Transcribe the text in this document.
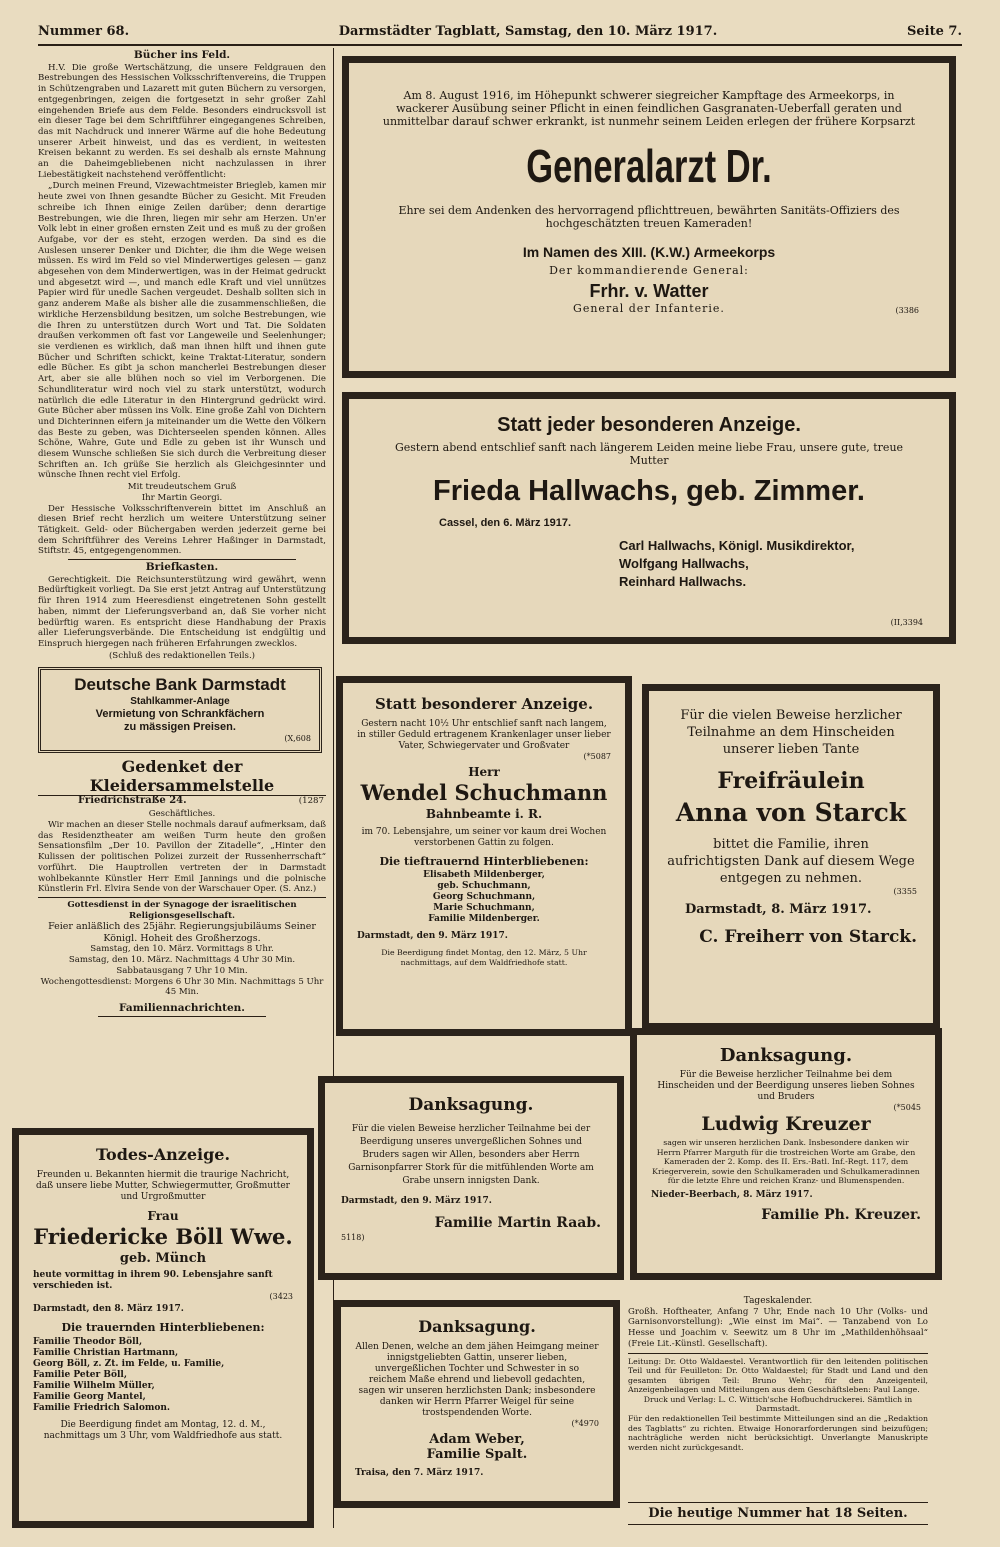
Nummer 68.	Darmstädter Tagblatt, Samstag, den 10. März 1917.	Seite 7.
Bücher ins Feld.

H.V. Die große Wertschätzung, die unsere Feldgrauen den Bestrebungen des Hessischen Volksschriftenvereins, die Truppen in Schützengraben und Lazarett mit guten Büchern zu versorgen, entgegenbringen, zeigen die fortgesetzt in sehr großer Zahl eingehenden Briefe aus dem Felde. Besonders eindrucksvoll ist ein dieser Tage bei dem Schriftführer eingegangenes Schreiben, das mit Nachdruck und innerer Wärme auf die hohe Bedeutung unserer Arbeit hinweist, und das es verdient, in weitesten Kreisen bekannt zu werden. Es sei deshalb als ernste Mahnung an die Daheimgebliebenen nicht nachzulassen in ihrer Liebestätigkeit nachstehend veröffentlicht:

„Durch meinen Freund, Vizewachtmeister Briegleb, kamen mir heute zwei von Ihnen gesandte Bücher zu Gesicht. Mit Freuden schreibe ich Ihnen einige Zeilen darüber; denn derartige Bestrebungen, wie die Ihren, liegen mir sehr am Herzen. Un'er Volk lebt in einer großen ernsten Zeit und es muß zu der großen Aufgabe, vor der es steht, erzogen werden. Da sind es die Auslesen unserer Denker und Dichter, die ihm die Wege weisen müssen. Es wird im Feld so viel Minderwertiges gelesen — ganz abgesehen von dem Minderwertigen, was in der Heimat gedruckt und abgesetzt wird —, und manch edle Kraft und viel unnützes Papier wird für unedle Sachen vergeudet. Deshalb sollten sich in ganz anderem Maße als bisher alle die zusammenschließen, die wirkliche Herzensbildung besitzen, um solche Bestrebungen, wie die Ihren zu unterstützen durch Wort und Tat. Die Soldaten draußen verkommen oft fast vor Langeweile und Seelenhunger; sie verdienen es wirklich, daß man ihnen hilft und ihnen gute Bücher und Schriften schickt, keine Traktat-Literatur, sondern edle Bücher. Es gibt ja schon mancherlei Bestrebungen dieser Art, aber sie alle blühen noch so viel im Verborgenen. Die Schundliteratur wird noch viel zu stark unterstützt, wodurch natürlich die edle Literatur in den Hintergrund gedrückt wird. Gute Bücher aber müssen ins Volk. Eine große Zahl von Dichtern und Dichterinnen eifern ja miteinander um die Wette den Völkern das Beste zu geben, was Dichterseelen spenden können. Alles Schöne, Wahre, Gute und Edle zu geben ist ihr Wunsch und diesem Wunsche schließen Sie sich durch die Verbreitung dieser Schriften an. Ich grüße Sie herzlich als Gleichgesinnter und wünsche Ihnen recht viel Erfolg.

Mit treudeutschem Gruß
Ihr Martin Georgi.

Der Hessische Volksschriftenverein bittet im Anschluß an diesen Brief recht herzlich um weitere Unterstützung seiner Tätigkeit. Geld- oder Büchergaben werden jederzeit gerne bei dem Schriftführer des Vereins Lehrer Haßinger in Darmstadt, Stiftstr. 45, entgegengenommen.

Briefkasten.

Gerechtigkeit. Die Reichsunterstützung wird gewährt, wenn Bedürftigkeit vorliegt. Da Sie erst jetzt Antrag auf Unterstützung für Ihren 1914 zum Heeresdienst eingetretenen Sohn gestellt haben, nimmt der Lieferungsverband an, daß Sie vorher nicht bedürftig waren. Es entspricht diese Handhabung der Praxis aller Lieferungsverbände. Die Entscheidung ist endgültig und Einspruch hiergegen nach früheren Erfahrungen zwecklos.

(Schluß des redaktionellen Teils.)
Deutsche Bank Darmstadt
Stahlkammer-Anlage
Vermietung von Schrankfächern
zu mässigen Preisen.
(X,608
Gedenket der Kleidersammelstelle
Friedrichstraße 24.	(1287
Geschäftliches.

Wir machen an dieser Stelle nochmals darauf aufmerksam, daß das Residenztheater am weißen Turm heute den großen Sensationsfilm „Der 10. Pavillon der Zitadelle“, „Hinter den Kulissen der politischen Polizei zurzeit der Russenherrschaft“ vorführt. Die Hauptrollen vertreten der in Darmstadt wohlbekannte Künstler Herr Emil Jannings und die polnische Künstlerin Frl. Elvira Sende von der Warschauer Oper. (S. Anz.)

Gottesdienst in der Synagoge der israelitischen Religionsgesellschaft.
Feier anläßlich des 25jähr. Regierungsjubiläums Seiner Königl. Hoheit des Großherzogs.
Samstag, den 10. März. Vormittags 8 Uhr.
Samstag, den 10. März. Nachmittags 4 Uhr 30 Min. Sabbatausgang 7 Uhr 10 Min.
Wochengottesdienst: Morgens 6 Uhr 30 Min. Nachmittags 5 Uhr 45 Min.
Familiennachrichten.
Todes-Anzeige.
Freunden u. Bekannten hiermit die traurige Nachricht, daß unsere liebe Mutter, Schwiegermutter, Großmutter und Urgroßmutter
Frau
Friedericke Böll Wwe.
geb. Münch
heute vormittag in ihrem 90. Lebensjahre sanft verschieden ist.
(3423
Darmstadt, den 8. März 1917.
Die trauernden Hinterbliebenen:
Familie Theodor Böll,
Familie Christian Hartmann,
Georg Böll, z. Zt. im Felde, u. Familie,
Familie Peter Böll,
Familie Wilhelm Müller,
Familie Georg Mantel,
Familie Friedrich Salomon.
Die Beerdigung findet am Montag, 12. d. M., nachmittags um 3 Uhr, vom Waldfriedhofe aus statt.
Am 8. August 1916, im Höhepunkt schwerer siegreicher Kampftage des Armeekorps, in wackerer Ausübung seiner Pflicht in einen feindlichen Gasgranaten-Ueberfall geraten und unmittelbar darauf schwer erkrankt, ist nunmehr seinem Leiden erlegen der frühere Korpsarzt
Generalarzt Dr.
Ehre sei dem Andenken des hervorragend pflichttreuen, bewährten Sanitäts-Offiziers des hochgeschätzten treuen Kameraden!
Im Namen des XIII. (K.W.) Armeekorps
Der kommandierende General:
Frhr. v. Watter
General der Infanterie.	(3386
Statt jeder besonderen Anzeige.
Gestern abend entschlief sanft nach längerem Leiden meine liebe Frau, unsere gute, treue Mutter
Frieda Hallwachs, geb. Zimmer.
Cassel, den 6. März 1917.
Carl Hallwachs, Königl. Musikdirektor,
Wolfgang Hallwachs,
Reinhard Hallwachs.
(II,3394
Statt besonderer Anzeige.
Gestern nacht 10½ Uhr entschlief sanft nach langem, in stiller Geduld ertragenem Krankenlager unser lieber Vater, Schwiegervater und Großvater
(*5087
Herr
Wendel Schuchmann
Bahnbeamte i. R.
im 70. Lebensjahre, um seiner vor kaum drei Wochen verstorbenen Gattin zu folgen.
Die tieftrauernd Hinterbliebenen:
Elisabeth Mildenberger,
geb. Schuchmann,
Georg Schuchmann,
Marie Schuchmann,
Familie Mildenberger.
Darmstadt, den 9. März 1917.
Die Beerdigung findet Montag, den 12. März, 5 Uhr nachmittags, auf dem Waldfriedhofe statt.
Für die vielen Beweise herzlicher Teilnahme an dem Hinscheiden unserer lieben Tante
Freifräulein
Anna von Starck
bittet die Familie, ihren aufrichtigsten Dank auf diesem Wege entgegen zu nehmen.
(3355
Darmstadt, 8. März 1917.
C. Freiherr von Starck.
Danksagung.
Für die vielen Beweise herzlicher Teilnahme bei der Beerdigung unseres unvergeßlichen Sohnes und Bruders sagen wir Allen, besonders aber Herrn Garnisonpfarrer Stork für die mitfühlenden Worte am Grabe unsern innigsten Dank.
Darmstadt, den 9. März 1917.
Familie Martin Raab.
5118)
Danksagung.
Für die Beweise herzlicher Teilnahme bei dem Hinscheiden und der Beerdigung unseres lieben Sohnes und Bruders
(*5045
Ludwig Kreuzer
sagen wir unseren herzlichen Dank. Insbesondere danken wir Herrn Pfarrer Marguth für die trostreichen Worte am Grabe, den Kameraden der 2. Komp. des II. Ers.-Batl. Inf.-Regt. 117, dem Kriegerverein, sowie den Schulkameraden und Schulkameradinnen für die letzte Ehre und reichen Kranz- und Blumenspenden.
Nieder-Beerbach, 8. März 1917.
Familie Ph. Kreuzer.
Danksagung.
Allen Denen, welche an dem jähen Heimgang meiner innigstgeliebten Gattin, unserer lieben, unvergeßlichen Tochter und Schwester in so reichem Maße ehrend und liebevoll gedachten, sagen wir unseren herzlichsten Dank; insbesondere danken wir Herrn Pfarrer Weigel für seine trostspendenden Worte.
(*4970
Adam Weber,
Familie Spalt.
Traisa, den 7. März 1917.
Tageskalender.
Großh. Hoftheater, Anfang 7 Uhr, Ende nach 10 Uhr (Volks- und Garnisonvorstellung): „Wie einst im Mai“. — Tanzabend von Lo Hesse und Joachim v. Seewitz um 8 Uhr im „Mathildenhöhsaal“ (Freie Lit.-Künstl. Gesellschaft).
Leitung: Dr. Otto Waldaestel. Verantwortlich für den leitenden politischen Teil und für Feuilleton: Dr. Otto Waldaestel; für Stadt und Land und den gesamten übrigen Teil: Bruno Wehr; für den Anzeigenteil, Anzeigenbeilagen und Mitteilungen aus dem Geschäftsleben: Paul Lange.
Druck und Verlag: L. C. Wittich'sche Hofbuchdruckerei. Sämtlich in Darmstadt.
Für den redaktionellen Teil bestimmte Mitteilungen sind an die „Redaktion des Tagblatts“ zu richten. Etwaige Honorarforderungen sind beizufügen; nachträgliche werden nicht berücksichtigt. Unverlangte Manuskripte werden nicht zurückgesandt.
Die heutige Nummer hat 18 Seiten.
